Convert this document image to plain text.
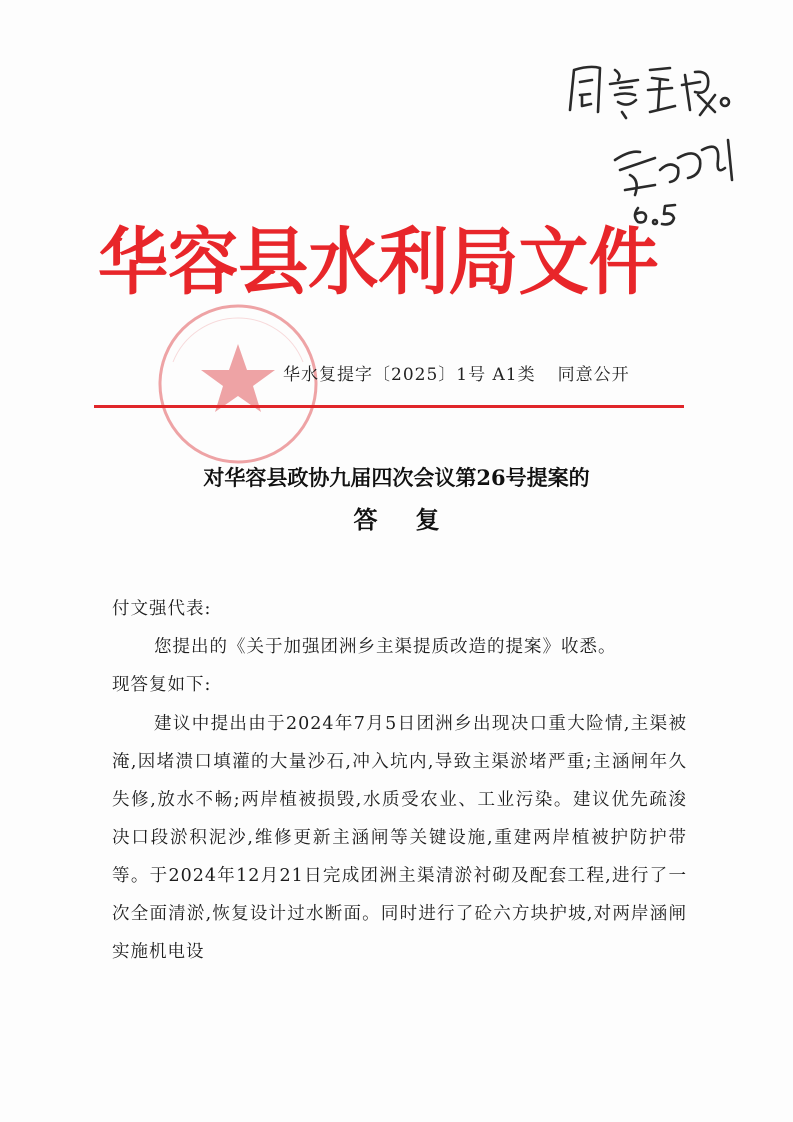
华容县水利局文件
华水复提字〔2025〕1号 A1类 同意公开
对华容县政协九届四次会议第26号提案的
答复
付文强代表:
您提出的《关于加强团洲乡主渠提质改造的提案》收悉。
现答复如下:
建议中提出由于2024年7月5日团洲乡出现决口重大险情,主渠被淹,因堵溃口填灌的大量沙石,冲入坑内,导致主渠淤堵严重;主涵闸年久失修,放水不畅;两岸植被损毁,水质受农业、工业污染。建议优先疏浚决口段淤积泥沙,维修更新主涵闸等关键设施,重建两岸植被护防护带等。于2024年12月21日完成团洲主渠清淤衬砌及配套工程,进行了一次全面清淤,恢复设计过水断面。同时进行了砼六方块护坡,对两岸涵闸实施机电设
